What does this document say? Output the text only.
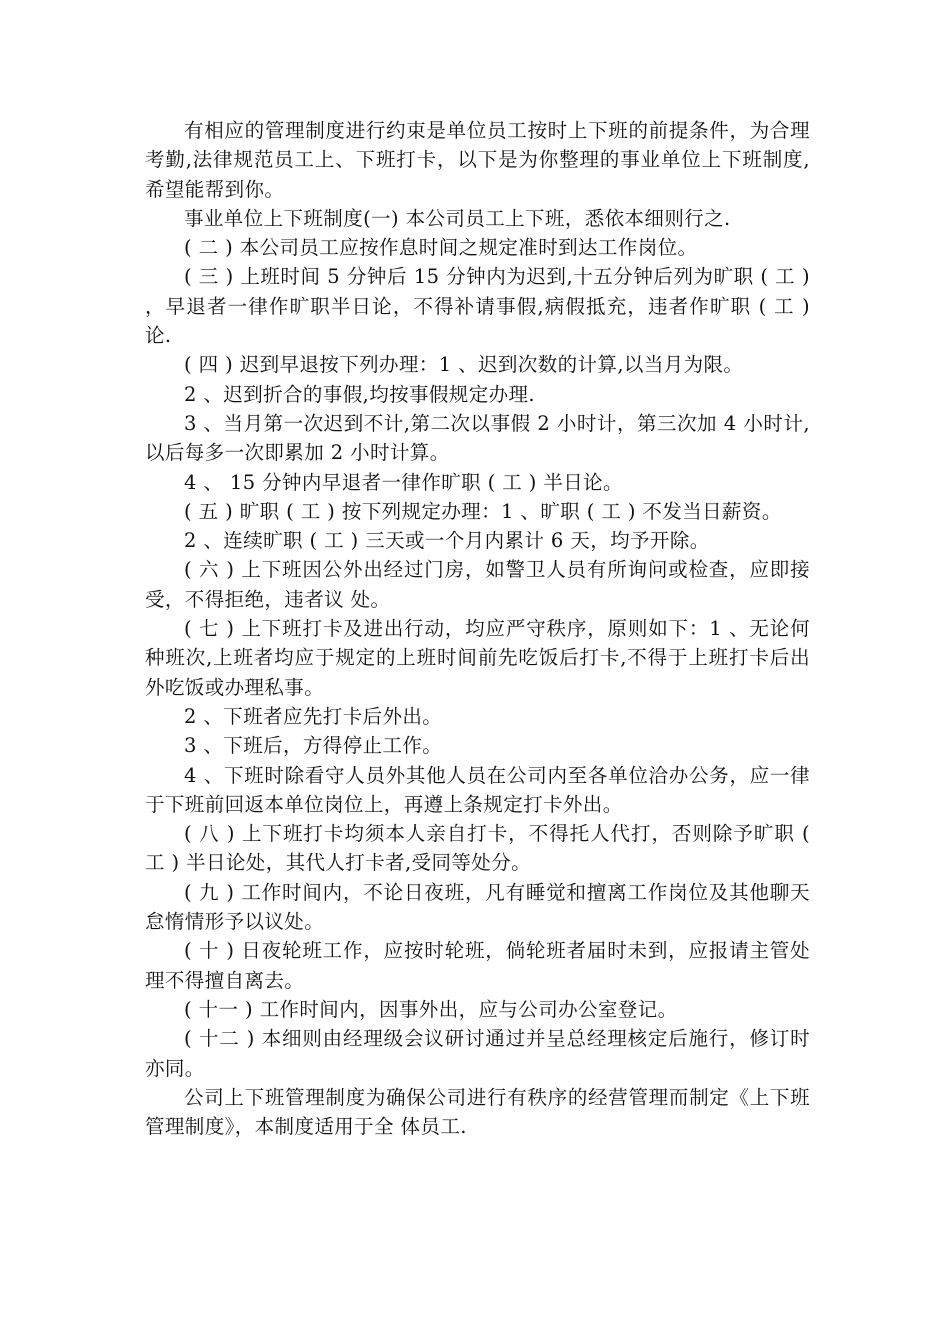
有相应的管理制度进行约束是单位员工按时上下班的前提条件，为合理考勤,法律规范员工上、下班打卡，以下是为你整理的事业单位上下班制度,希望能帮到你。

事业单位上下班制度(一) 本公司员工上下班，悉依本细则行之.

( 二 ) 本公司员工应按作息时间之规定准时到达工作岗位。

( 三 ) 上班时间 5 分钟后 15 分钟内为迟到,十五分钟后列为旷职 ( 工 ) ，早退者一律作旷职半日论，不得补请事假,病假抵充，违者作旷职 ( 工 ) 论.

( 四 ) 迟到早退按下列办理：1 、迟到次数的计算,以当月为限。

2 、迟到折合的事假,均按事假规定办理.

3 、当月第一次迟到不计,第二次以事假 2 小时计，第三次加 4 小时计,以后每多一次即累加 2 小时计算。

4 、 15 分钟内早退者一律作旷职 ( 工 ) 半日论。

( 五 ) 旷职 ( 工 ) 按下列规定办理：1 、旷职 ( 工 ) 不发当日薪资。

2 、连续旷职 ( 工 ) 三天或一个月内累计 6 天，均予开除。

( 六 ) 上下班因公外出经过门房，如警卫人员有所询问或检查，应即接受，不得拒绝，违者议 处。

( 七 ) 上下班打卡及进出行动，均应严守秩序，原则如下：1 、无论何种班次,上班者均应于规定的上班时间前先吃饭后打卡,不得于上班打卡后出外吃饭或办理私事。

2 、下班者应先打卡后外出。

3 、下班后，方得停止工作。

4 、下班时除看守人员外其他人员在公司内至各单位洽办公务，应一律于下班前回返本单位岗位上，再遵上条规定打卡外出。

( 八 ) 上下班打卡均须本人亲自打卡，不得托人代打，否则除予旷职 ( 工 ) 半日论处，其代人打卡者,受同等处分。

( 九 ) 工作时间内，不论日夜班，凡有睡觉和擅离工作岗位及其他聊天怠惰情形予以议处。

( 十 ) 日夜轮班工作，应按时轮班，倘轮班者届时未到，应报请主管处理不得擅自离去。

( 十一 ) 工作时间内，因事外出，应与公司办公室登记。

( 十二 ) 本细则由经理级会议研讨通过并呈总经理核定后施行，修订时亦同。

公司上下班管理制度为确保公司进行有秩序的经营管理而制定《上下班管理制度》，本制度适用于全 体员工.
